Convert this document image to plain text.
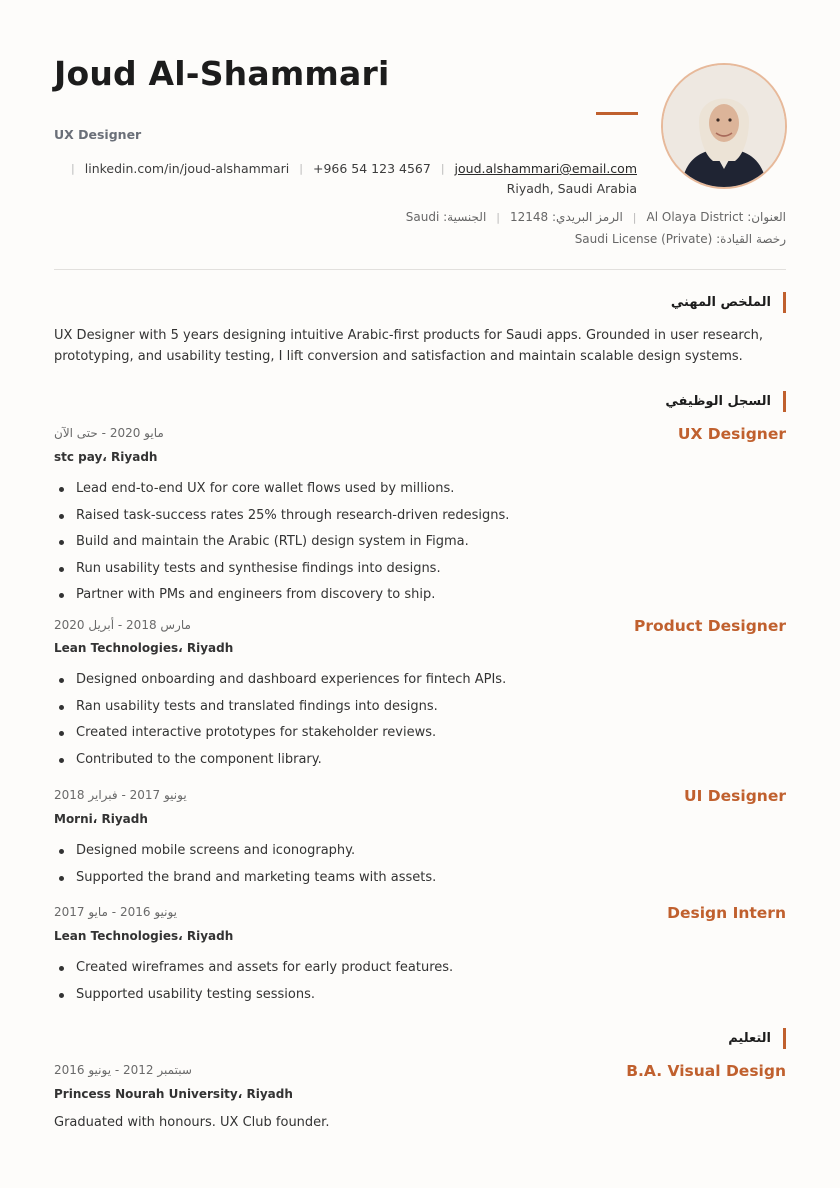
Joud Al-Shammari
UX Designer
| linkedin.com/in/joud-alshammari | +966 54 123 4567 | joud.alshammari@email.com
Riyadh, Saudi Arabia
الجنسية: Saudi | الرمز البريدي: 12148 | العنوان: Al Olaya District
رخصة القيادة: Saudi License (Private)
الملخص المهني
UX Designer with 5 years designing intuitive Arabic-first products for Saudi apps. Grounded in user research, prototyping, and usability testing, I lift conversion and satisfaction and maintain scalable design systems.
السجل الوظيفي
UX Designer
مايو 2020 - حتى الآن
stc pay، Riyadh
Lead end-to-end UX for core wallet flows used by millions.
Raised task-success rates 25% through research-driven redesigns.
Build and maintain the Arabic (RTL) design system in Figma.
Run usability tests and synthesise findings into designs.
Partner with PMs and engineers from discovery to ship.
Product Designer
مارس 2018 - أبريل 2020
Lean Technologies، Riyadh
Designed onboarding and dashboard experiences for fintech APIs.
Ran usability tests and translated findings into designs.
Created interactive prototypes for stakeholder reviews.
Contributed to the component library.
UI Designer
يونيو 2017 - فبراير 2018
Morni، Riyadh
Designed mobile screens and iconography.
Supported the brand and marketing teams with assets.
Design Intern
يونيو 2016 - مايو 2017
Lean Technologies، Riyadh
Created wireframes and assets for early product features.
Supported usability testing sessions.
التعليم
B.A. Visual Design
سبتمبر 2012 - يونيو 2016
Princess Nourah University، Riyadh
Graduated with honours. UX Club founder.
